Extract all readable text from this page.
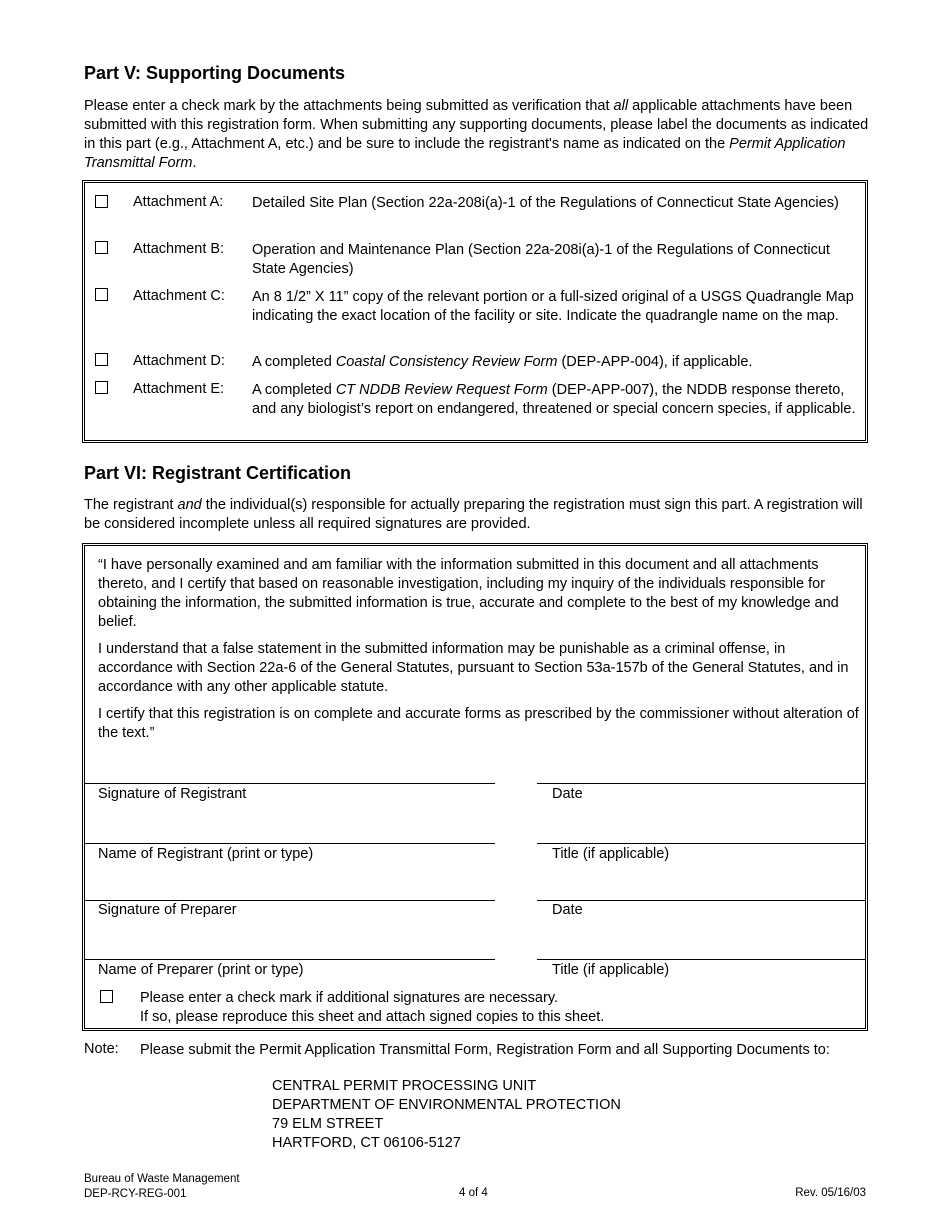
Part V: Supporting Documents

Please enter a check mark by the attachments being submitted as verification that all applicable attachments have been submitted with this registration form. When submitting any supporting documents, please label the documents as indicated in this part (e.g., Attachment A, etc.) and be sure to include the registrant's name as indicated on the Permit Application Transmittal Form.

Attachment A: Detailed Site Plan (Section 22a-208i(a)-1 of the Regulations of Connecticut State Agencies)
Attachment B: Operation and Maintenance Plan (Section 22a-208i(a)-1 of the Regulations of Connecticut State Agencies)
Attachment C: An 8 1/2” X 11” copy of the relevant portion or a full-sized original of a USGS Quadrangle Map indicating the exact location of the facility or site. Indicate the quadrangle name on the map.
Attachment D: A completed Coastal Consistency Review Form (DEP-APP-004), if applicable.
Attachment E: A completed CT NDDB Review Request Form (DEP-APP-007), the NDDB response thereto, and any biologist’s report on endangered, threatened or special concern species, if applicable.
Part VI: Registrant Certification

The registrant and the individual(s) responsible for actually preparing the registration must sign this part. A registration will be considered incomplete unless all required signatures are provided.

“I have personally examined and am familiar with the information submitted in this document and all attachments thereto, and I certify that based on reasonable investigation, including my inquiry of the individuals responsible for obtaining the information, the submitted information is true, accurate and complete to the best of my knowledge and belief.

I understand that a false statement in the submitted information may be punishable as a criminal offense, in accordance with Section 22a-6 of the General Statutes, pursuant to Section 53a-157b of the General Statutes, and in accordance with any other applicable statute.

I certify that this registration is on complete and accurate forms as prescribed by the commissioner without alteration of the text.”

Signature of Registrant	Date
Name of Registrant (print or type)	Title (if applicable)
Signature of Preparer	Date
Name of Preparer (print or type)	Title (if applicable)
Please enter a check mark if additional signatures are necessary.
If so, please reproduce this sheet and attach signed copies to this sheet.
Note: Please submit the Permit Application Transmittal Form, Registration Form and all Supporting Documents to:

CENTRAL PERMIT PROCESSING UNIT
DEPARTMENT OF ENVIRONMENTAL PROTECTION
79 ELM STREET
HARTFORD, CT 06106-5127
Bureau of Waste Management
DEP-RCY-REG-001	4 of 4	Rev. 05/16/03
